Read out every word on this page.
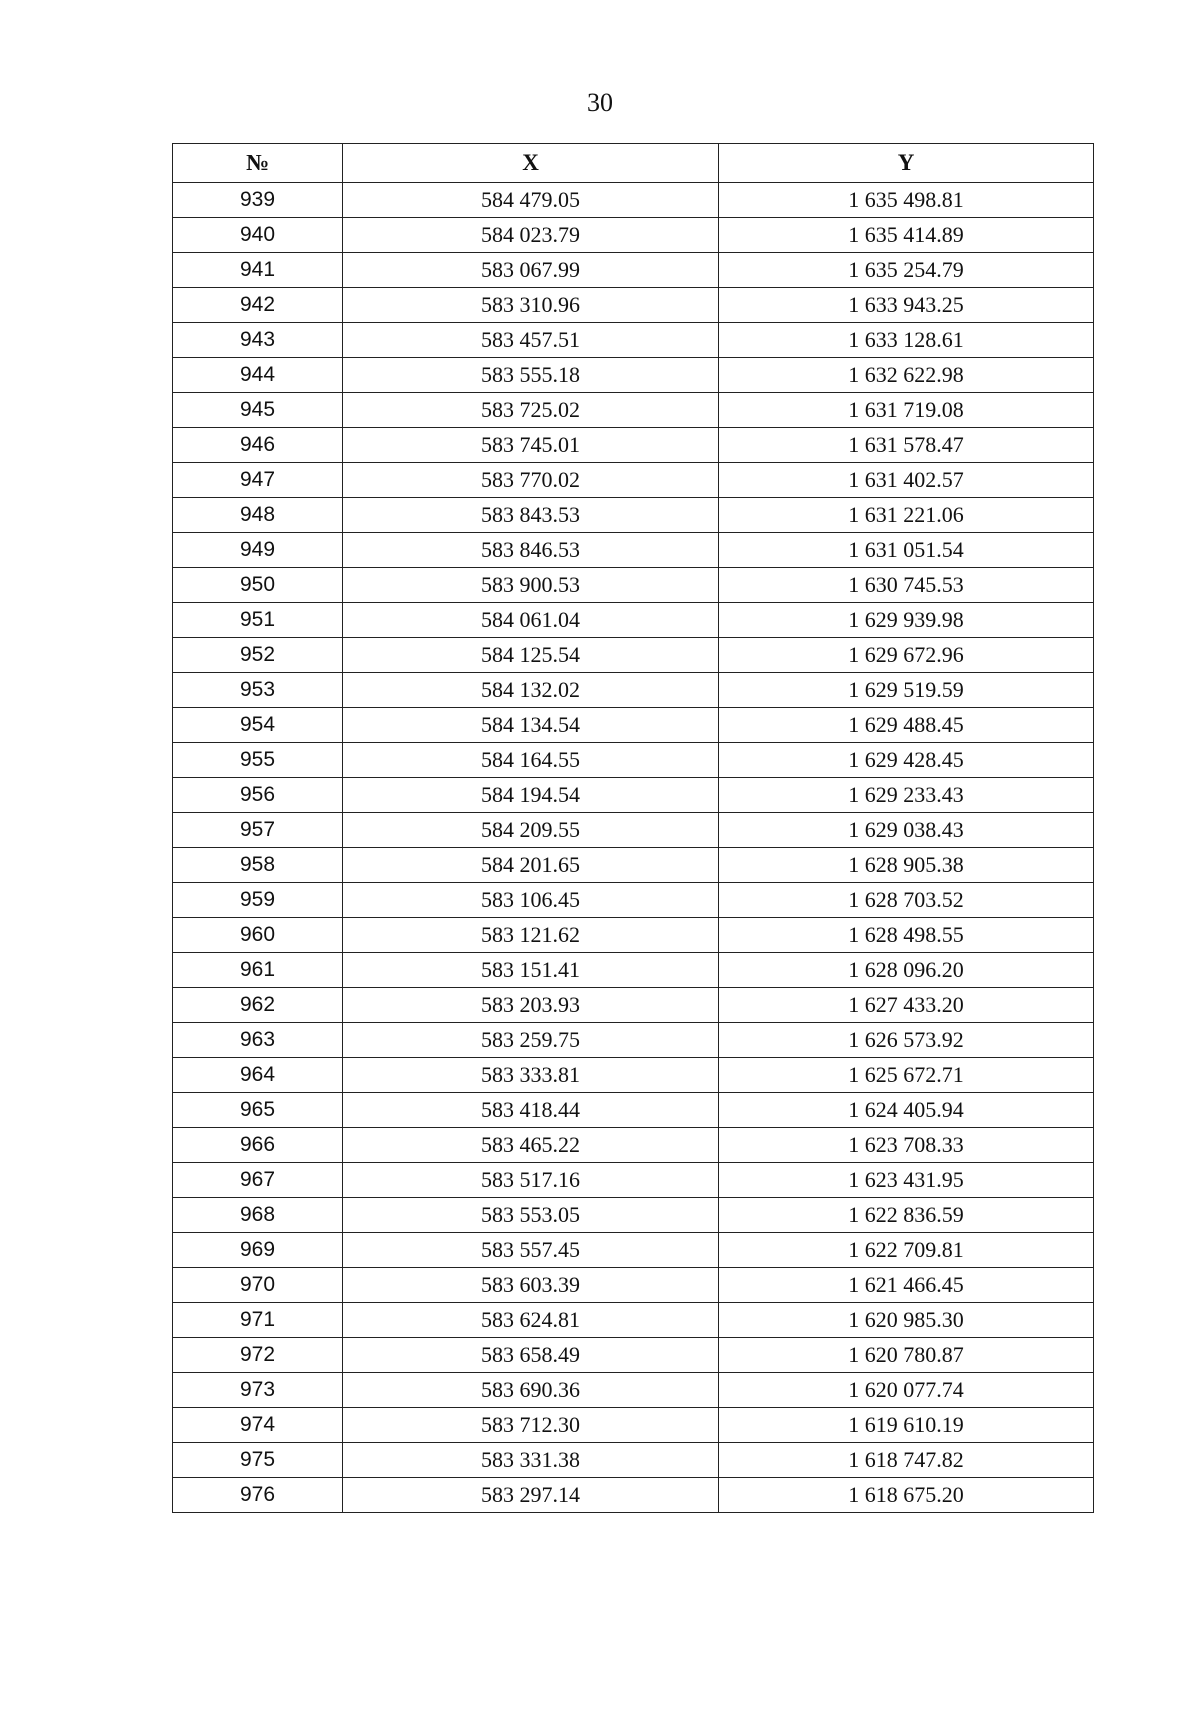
30
№	X	Y
939	584 479.05	1 635 498.81
940	584 023.79	1 635 414.89
941	583 067.99	1 635 254.79
942	583 310.96	1 633 943.25
943	583 457.51	1 633 128.61
944	583 555.18	1 632 622.98
945	583 725.02	1 631 719.08
946	583 745.01	1 631 578.47
947	583 770.02	1 631 402.57
948	583 843.53	1 631 221.06
949	583 846.53	1 631 051.54
950	583 900.53	1 630 745.53
951	584 061.04	1 629 939.98
952	584 125.54	1 629 672.96
953	584 132.02	1 629 519.59
954	584 134.54	1 629 488.45
955	584 164.55	1 629 428.45
956	584 194.54	1 629 233.43
957	584 209.55	1 629 038.43
958	584 201.65	1 628 905.38
959	583 106.45	1 628 703.52
960	583 121.62	1 628 498.55
961	583 151.41	1 628 096.20
962	583 203.93	1 627 433.20
963	583 259.75	1 626 573.92
964	583 333.81	1 625 672.71
965	583 418.44	1 624 405.94
966	583 465.22	1 623 708.33
967	583 517.16	1 623 431.95
968	583 553.05	1 622 836.59
969	583 557.45	1 622 709.81
970	583 603.39	1 621 466.45
971	583 624.81	1 620 985.30
972	583 658.49	1 620 780.87
973	583 690.36	1 620 077.74
974	583 712.30	1 619 610.19
975	583 331.38	1 618 747.82
976	583 297.14	1 618 675.20
